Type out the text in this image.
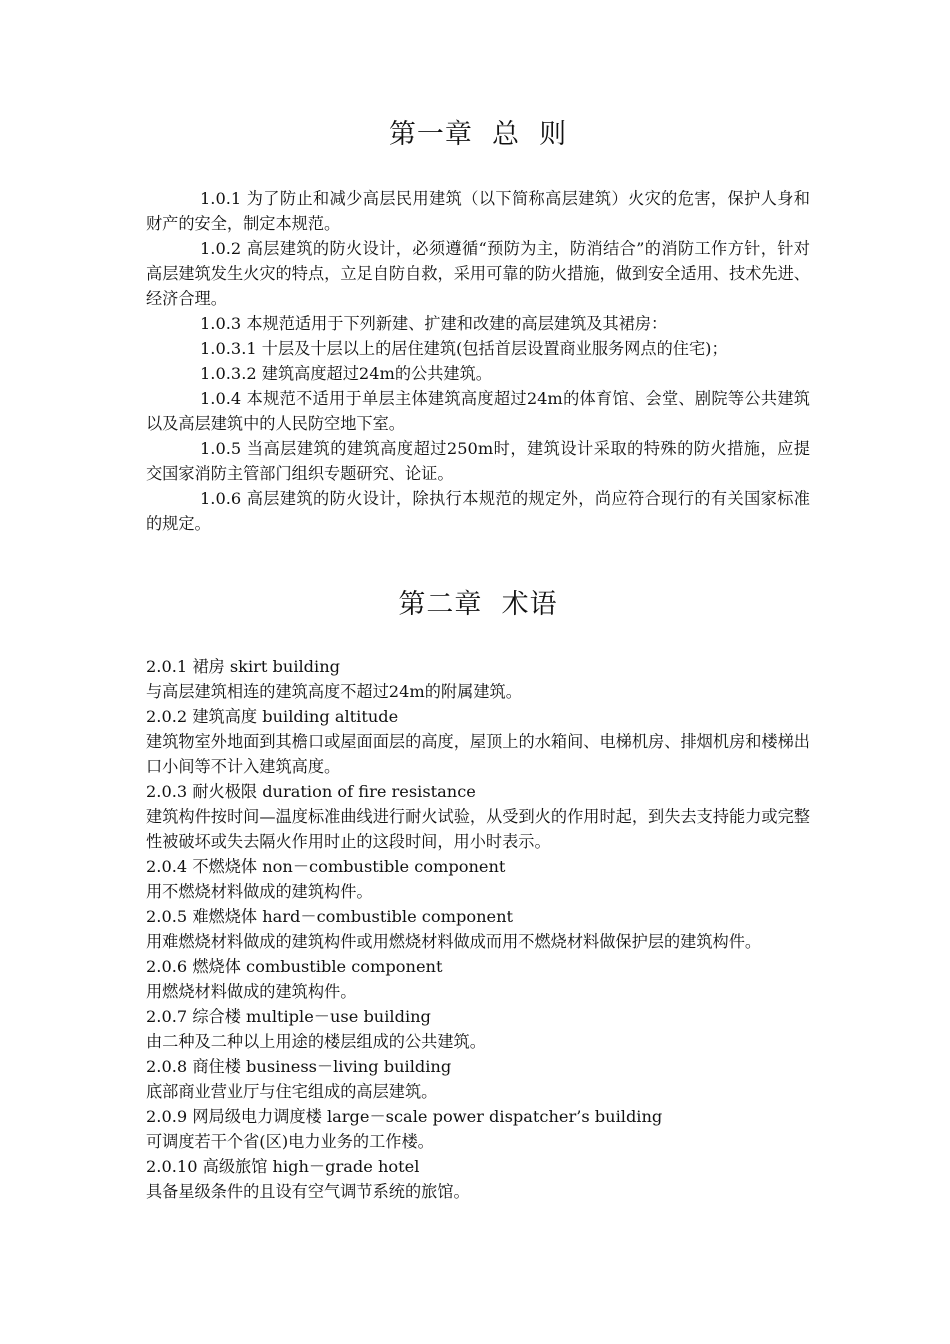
第一章  总  则

1.0.1 为了防止和减少高层民用建筑（以下简称高层建筑）火灾的危害，保护人身和财产的安全，制定本规范。

1.0.2 高层建筑的防火设计，必须遵循“预防为主，防消结合”的消防工作方针，针对高层建筑发生火灾的特点，立足自防自救，采用可靠的防火措施，做到安全适用、技术先进、经济合理。

1.0.3 本规范适用于下列新建、扩建和改建的高层建筑及其裙房：

1.0.3.1 十层及十层以上的居住建筑(包括首层设置商业服务网点的住宅)；

1.0.3.2 建筑高度超过24m的公共建筑。

1.0.4 本规范不适用于单层主体建筑高度超过24m的体育馆、会堂、剧院等公共建筑以及高层建筑中的人民防空地下室。

1.0.5 当高层建筑的建筑高度超过250m时，建筑设计采取的特殊的防火措施，应提交国家消防主管部门组织专题研究、论证。

1.0.6 高层建筑的防火设计，除执行本规范的规定外，尚应符合现行的有关国家标准的规定。

第二章  术语

2.0.1 裙房 skirt building

与高层建筑相连的建筑高度不超过24m的附属建筑。

2.0.2 建筑高度 building altitude

建筑物室外地面到其檐口或屋面面层的高度，屋顶上的水箱间、电梯机房、排烟机房和楼梯出口小间等不计入建筑高度。

2.0.3 耐火极限 duration of fire resistance

建筑构件按时间—温度标准曲线进行耐火试验，从受到火的作用时起，到失去支持能力或完整性被破坏或失去隔火作用时止的这段时间，用小时表示。

2.0.4 不燃烧体 non－combustible component

用不燃烧材料做成的建筑构件。

2.0.5 难燃烧体 hard－combustible component

用难燃烧材料做成的建筑构件或用燃烧材料做成而用不燃烧材料做保护层的建筑构件。

2.0.6 燃烧体 combustible component

用燃烧材料做成的建筑构件。

2.0.7 综合楼 multiple－use building

由二种及二种以上用途的楼层组成的公共建筑。

2.0.8 商住楼 business－living building

底部商业营业厅与住宅组成的高层建筑。

2.0.9 网局级电力调度楼 large－scale power dispatcher’s building

可调度若干个省(区)电力业务的工作楼。

2.0.10 高级旅馆 high－grade hotel

具备星级条件的且设有空气调节系统的旅馆。
